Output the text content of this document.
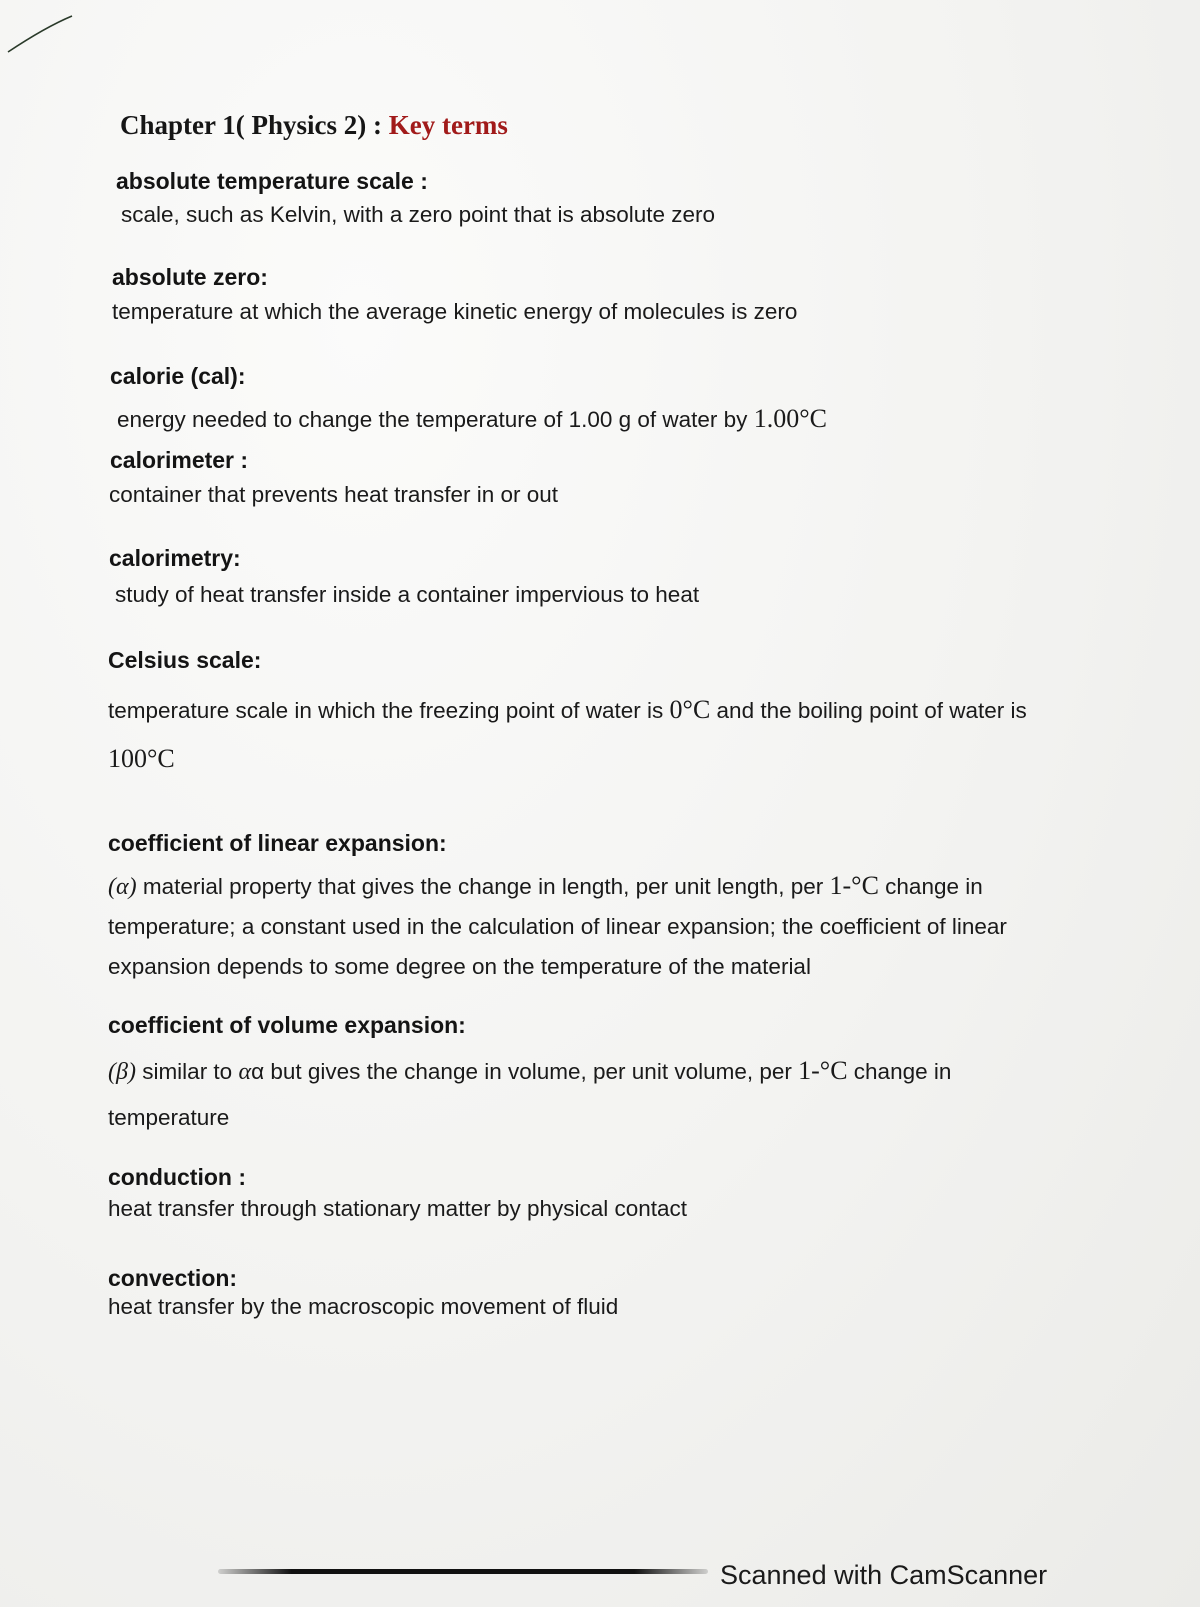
Chapter 1( Physics 2) : Key terms
absolute temperature scale :
scale, such as Kelvin, with a zero point that is absolute zero
absolute zero:
temperature at which the average kinetic energy of molecules is zero
calorie (cal):
energy needed to change the temperature of 1.00 g of water by 1.00°C
calorimeter :
container that prevents heat transfer in or out
calorimetry:
study of heat transfer inside a container impervious to heat
Celsius scale:
temperature scale in which the freezing point of water is 0°C and the boiling point of water is 100°C
coefficient of linear expansion:
(α) material property that gives the change in length, per unit length, per 1-°C change in temperature; a constant used in the calculation of linear expansion; the coefficient of linear expansion depends to some degree on the temperature of the material
coefficient of volume expansion:
(β) similar to αα but gives the change in volume, per unit volume, per 1-°C change in temperature
conduction :
heat transfer through stationary matter by physical contact
convection:
heat transfer by the macroscopic movement of fluid
Scanned with CamScanner
